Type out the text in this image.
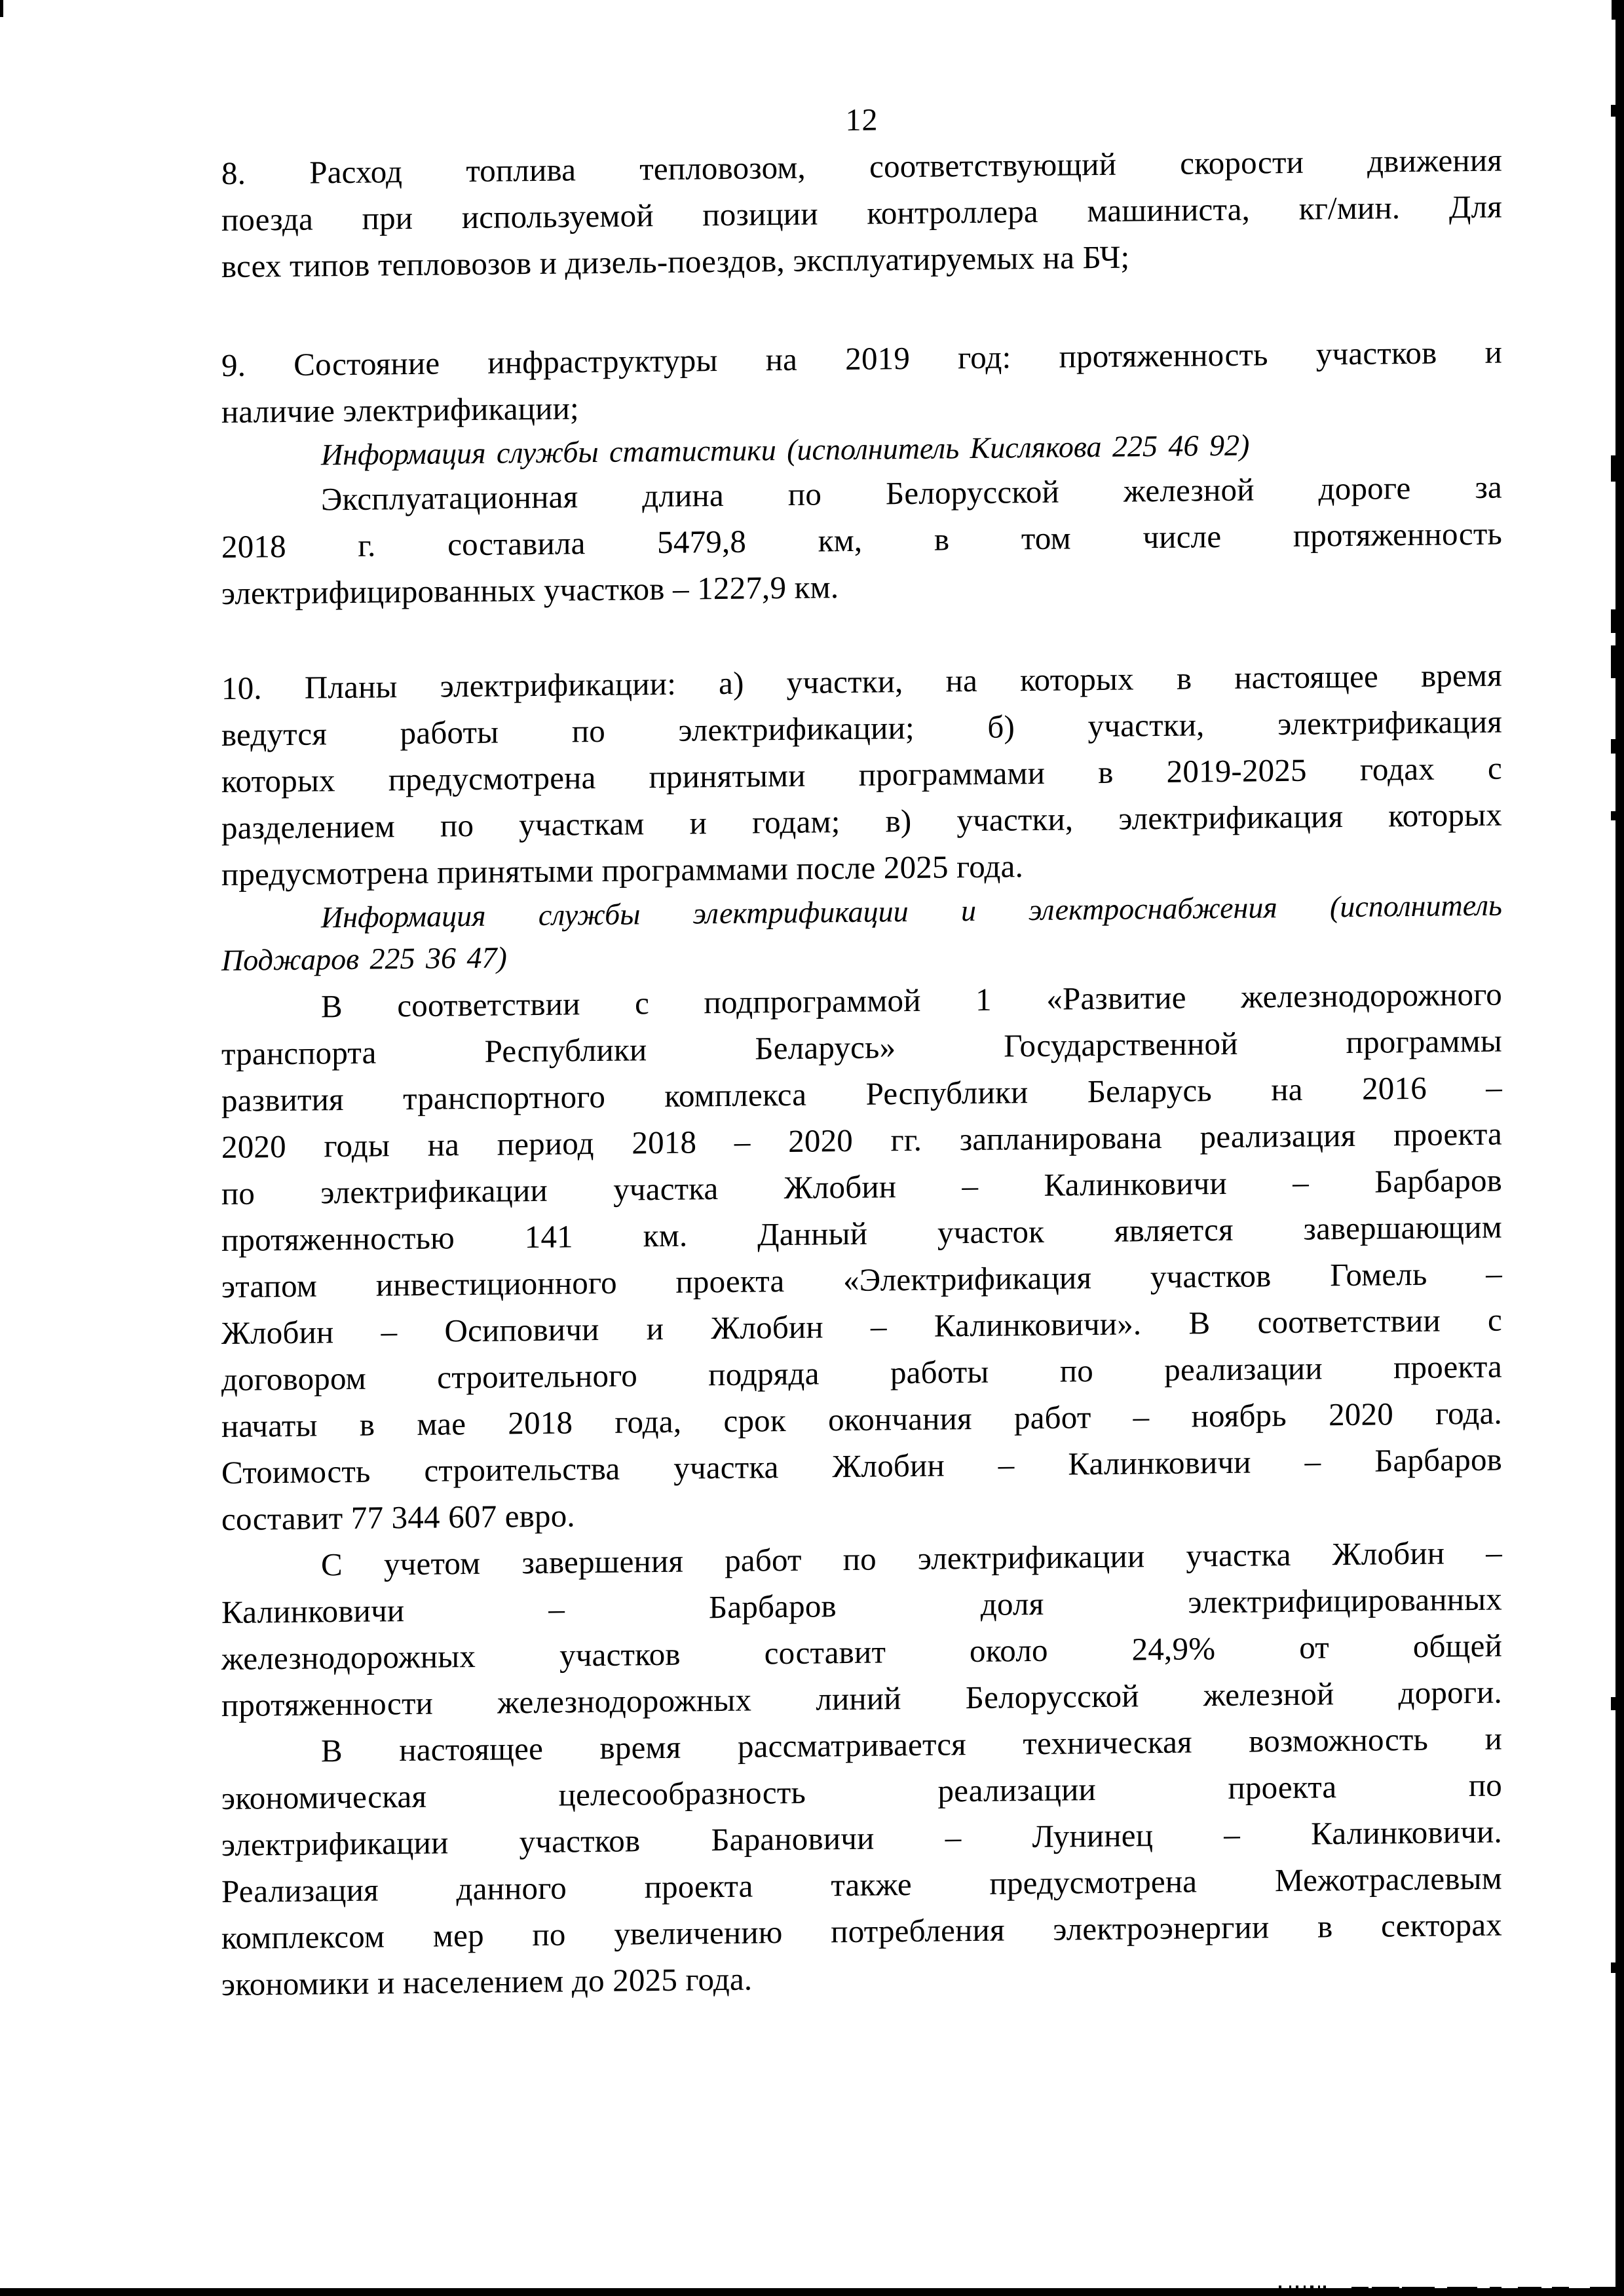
12
8. Расход топлива тепловозом, соответствующий скорости движения
поезда при используемой позиции контроллера машиниста, кг/мин. Для
всех типов тепловозов и дизель-поездов, эксплуатируемых на БЧ;
9. Состояние инфраструктуры на 2019 год: протяженность участков и
наличие электрификации;
Информация службы статистики (исполнитель Кислякова 225 46 92)
Эксплуатационная длина по Белорусской железной дороге за
2018 г. составила 5479,8 км, в том числе протяженность
электрифицированных участков – 1227,9 км.
10. Планы электрификации: а) участки, на которых в настоящее время
ведутся работы по электрификации; б) участки, электрификация
которых предусмотрена принятыми программами в 2019-2025 годах с
разделением по участкам и годам; в) участки, электрификация которых
предусмотрена принятыми программами после 2025 года.
Информация службы электрификации и электроснабжения (исполнитель
Поджаров 225 36 47)
В соответствии с подпрограммой 1 «Развитие железнодорожного
транспорта Республики Беларусь» Государственной программы
развития транспортного комплекса Республики Беларусь на 2016 –
2020 годы на период 2018 – 2020 гг. запланирована реализация проекта
по электрификации участка Жлобин – Калинковичи – Барбаров
протяженностью 141 км. Данный участок является завершающим
этапом инвестиционного проекта «Электрификация участков Гомель –
Жлобин – Осиповичи и Жлобин – Калинковичи». В соответствии с
договором строительного подряда работы по реализации проекта
начаты в мае 2018 года, срок окончания работ – ноябрь 2020 года.
Стоимость строительства участка Жлобин – Калинковичи – Барбаров
составит 77 344 607 евро.
С учетом завершения работ по электрификации участка Жлобин –
Калинковичи – Барбаров доля электрифицированных
железнодорожных участков составит около 24,9% от общей
протяженности железнодорожных линий Белорусской железной дороги.
В настоящее время рассматривается техническая возможность и
экономическая целесообразность реализации проекта по
электрификации участков Барановичи – Лунинец – Калинковичи.
Реализация данного проекта также предусмотрена Межотраслевым
комплексом мер по увеличению потребления электроэнергии в секторах
экономики и населением до 2025 года.
